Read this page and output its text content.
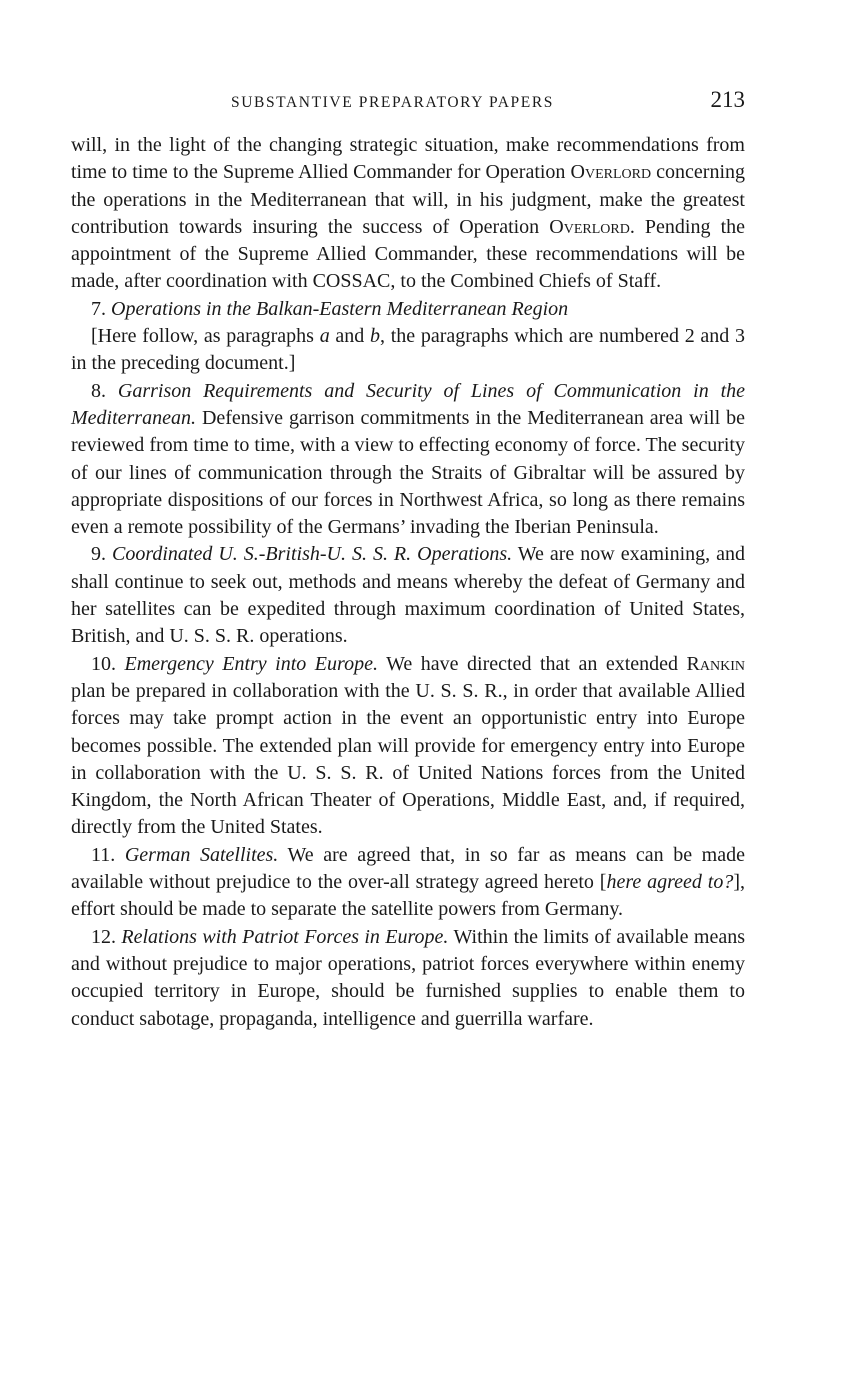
SUBSTANTIVE PREPARATORY PAPERS	213

will, in the light of the changing strategic situation, make recommendations from time to time to the Supreme Allied Commander for Operation Overlord concerning the operations in the Mediterranean that will, in his judgment, make the greatest contribution towards insuring the success of Operation Overlord. Pending the appointment of the Supreme Allied Commander, these recommendations will be made, after coordination with COSSAC, to the Combined Chiefs of Staff.

7. Operations in the Balkan-Eastern Mediterranean Region

[Here follow, as paragraphs a and b, the paragraphs which are numbered 2 and 3 in the preceding document.]

8. Garrison Requirements and Security of Lines of Communication in the Mediterranean. Defensive garrison commitments in the Mediterranean area will be reviewed from time to time, with a view to effecting economy of force. The security of our lines of communication through the Straits of Gibraltar will be assured by appropriate dispositions of our forces in Northwest Africa, so long as there remains even a remote possibility of the Germans’ invading the Iberian Peninsula.

9. Coordinated U. S.-British-U. S. S. R. Operations. We are now examining, and shall continue to seek out, methods and means whereby the defeat of Germany and her satellites can be expedited through maximum coordination of United States, British, and U. S. S. R. operations.

10. Emergency Entry into Europe. We have directed that an extended Rankin plan be prepared in collaboration with the U. S. S. R., in order that available Allied forces may take prompt action in the event an opportunistic entry into Europe becomes possible. The extended plan will provide for emergency entry into Europe in collaboration with the U. S. S. R. of United Nations forces from the United Kingdom, the North African Theater of Operations, Middle East, and, if required, directly from the United States.

11. German Satellites. We are agreed that, in so far as means can be made available without prejudice to the over-all strategy agreed hereto [here agreed to?], effort should be made to separate the satellite powers from Germany.

12. Relations with Patriot Forces in Europe. Within the limits of available means and without prejudice to major operations, patriot forces everywhere within enemy occupied territory in Europe, should be furnished supplies to enable them to conduct sabotage, propaganda, intelligence and guerrilla warfare.
